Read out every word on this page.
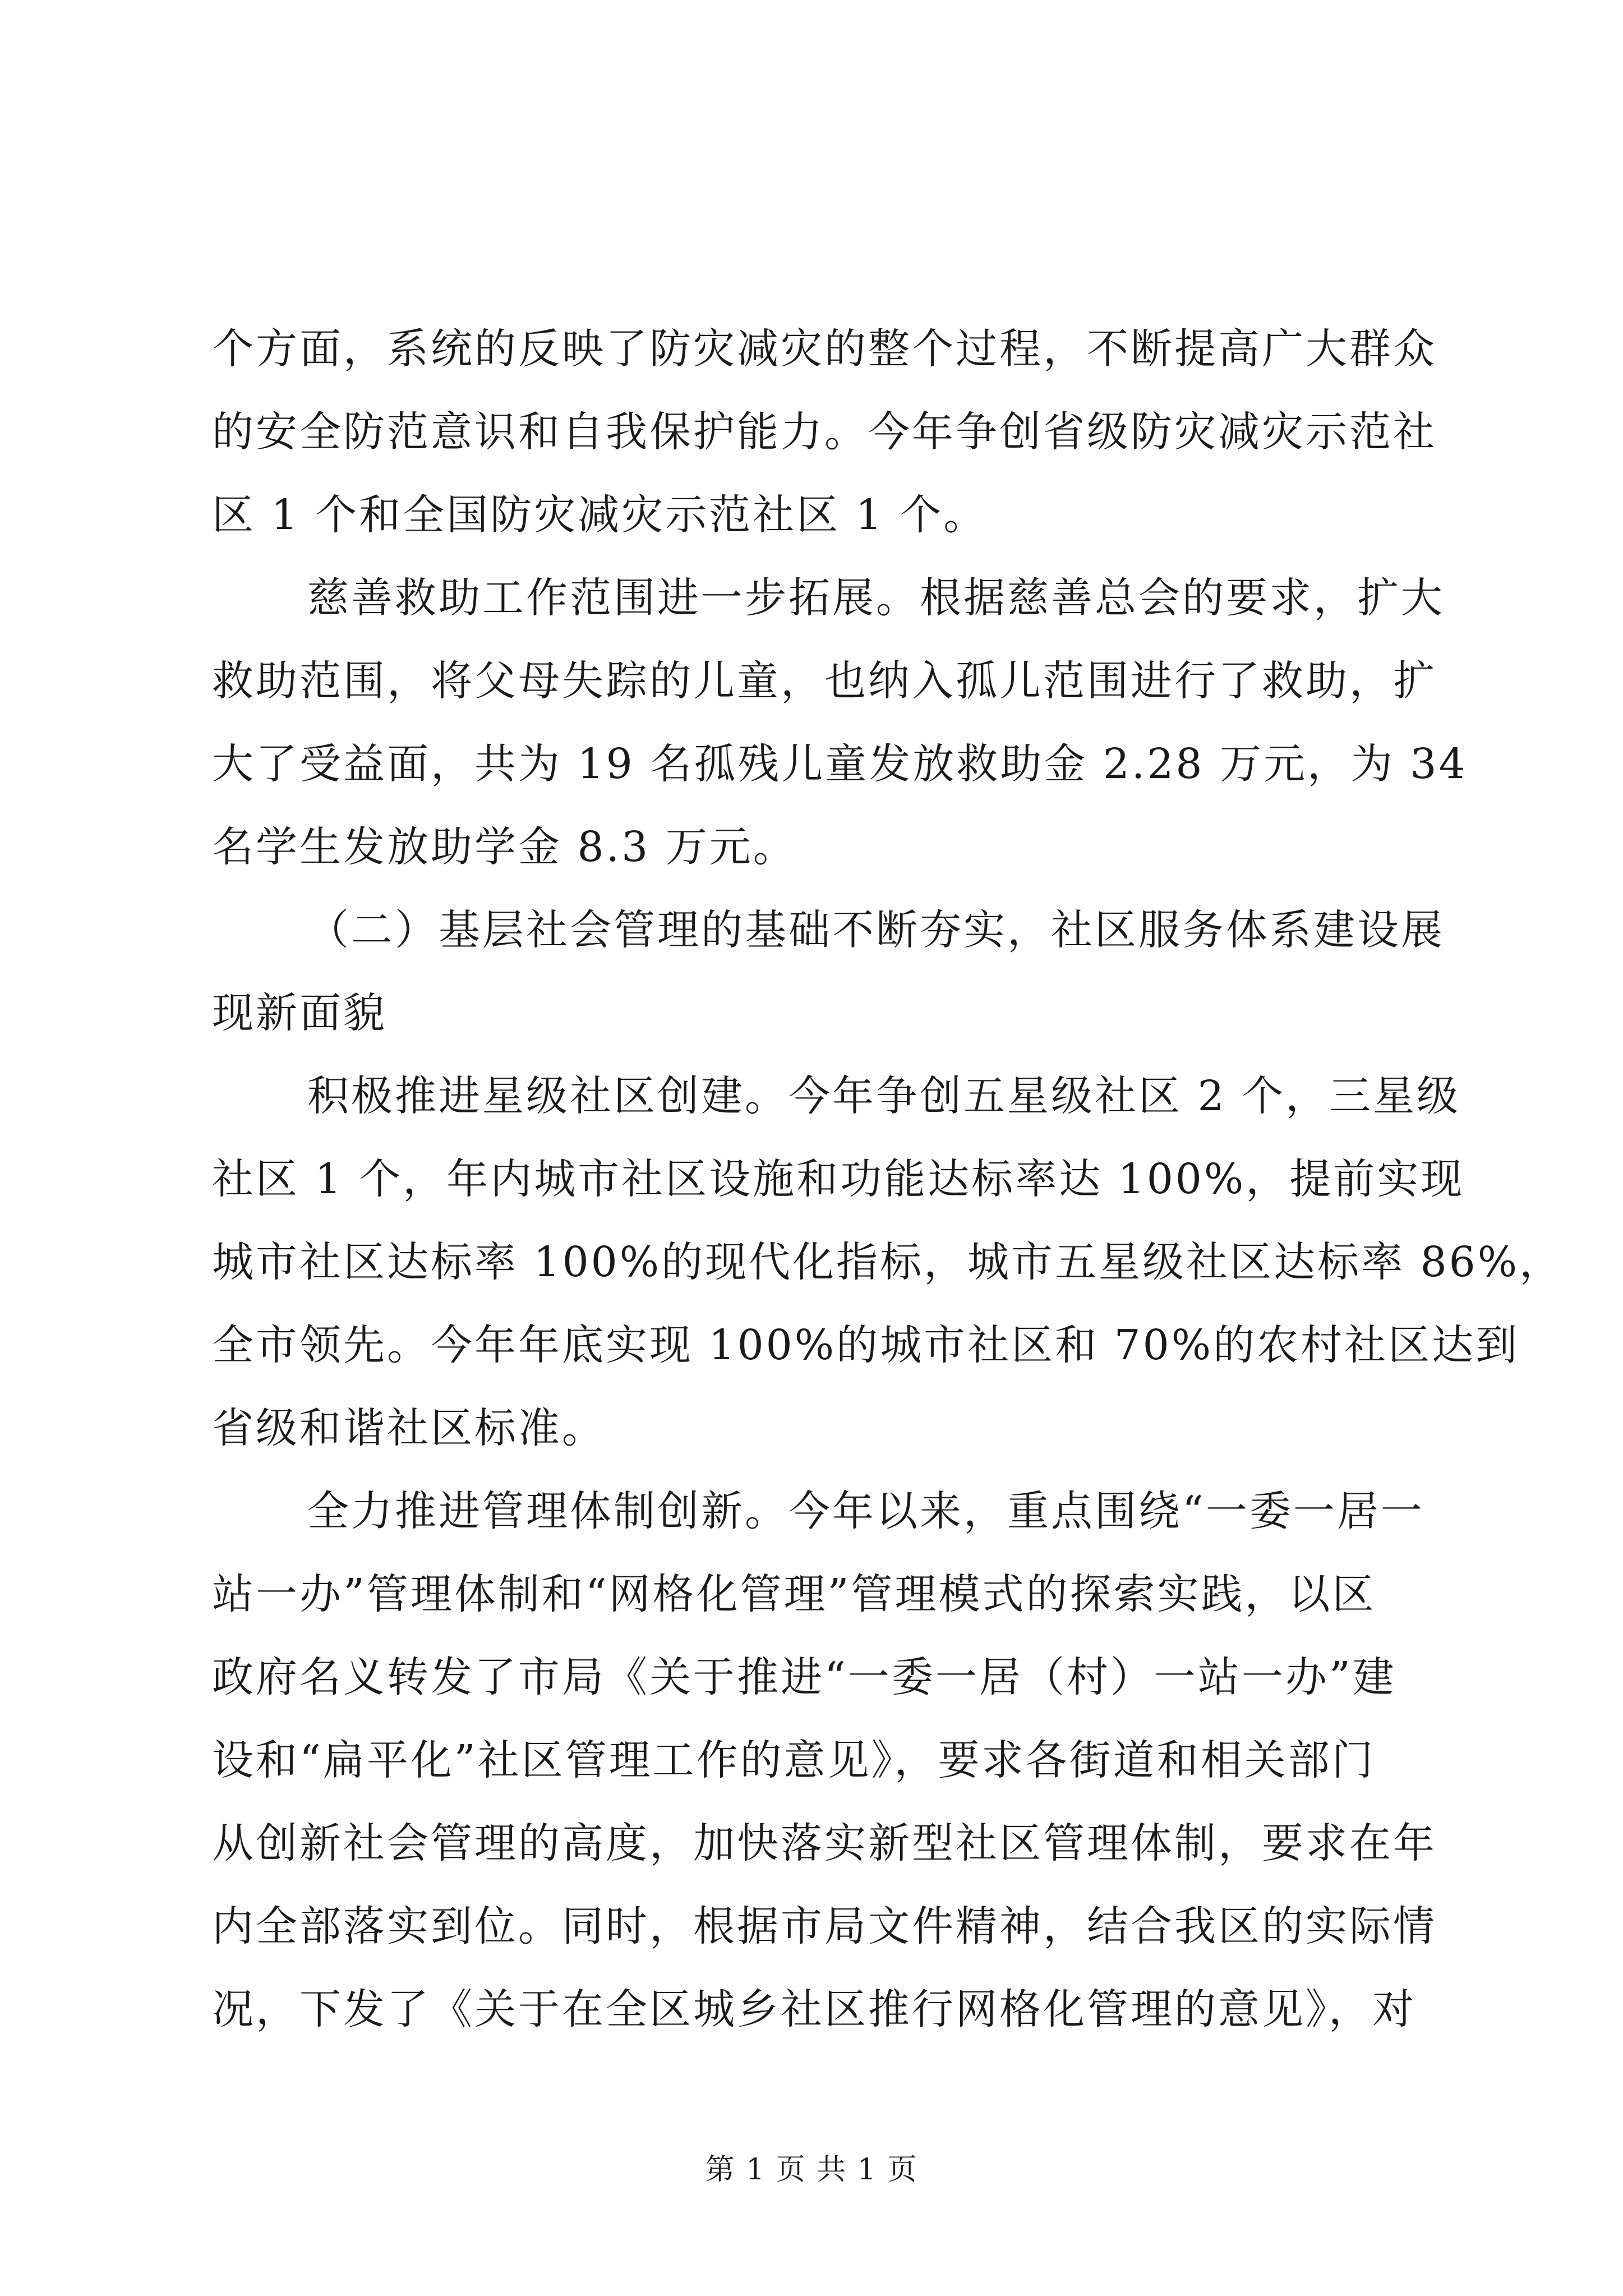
个方面，系统的反映了防灾减灾的整个过程，不断提高广大群众
的安全防范意识和自我保护能力。今年争创省级防灾减灾示范社
区 1 个和全国防灾减灾示范社区 1 个。
慈善救助工作范围进一步拓展。根据慈善总会的要求，扩大
救助范围，将父母失踪的儿童，也纳入孤儿范围进行了救助，扩
大了受益面，共为 19 名孤残儿童发放救助金 2.28 万元，为 34
名学生发放助学金 8.3 万元。
（二）基层社会管理的基础不断夯实，社区服务体系建设展
现新面貌
积极推进星级社区创建。今年争创五星级社区 2 个，三星级
社区 1 个，年内城市社区设施和功能达标率达 100%，提前实现
城市社区达标率 100%的现代化指标，城市五星级社区达标率 86%，
全市领先。今年年底实现 100%的城市社区和 70%的农村社区达到
省级和谐社区标准。
全力推进管理体制创新。今年以来，重点围绕“一委一居一
站一办”管理体制和“网格化管理”管理模式的探索实践，以区
政府名义转发了市局《关于推进“一委一居（村）一站一办”建
设和“扁平化”社区管理工作的意见》，要求各街道和相关部门
从创新社会管理的高度，加快落实新型社区管理体制，要求在年
内全部落实到位。同时，根据市局文件精神，结合我区的实际情
况，下发了《关于在全区城乡社区推行网格化管理的意见》，对
第 1 页 共 1 页
